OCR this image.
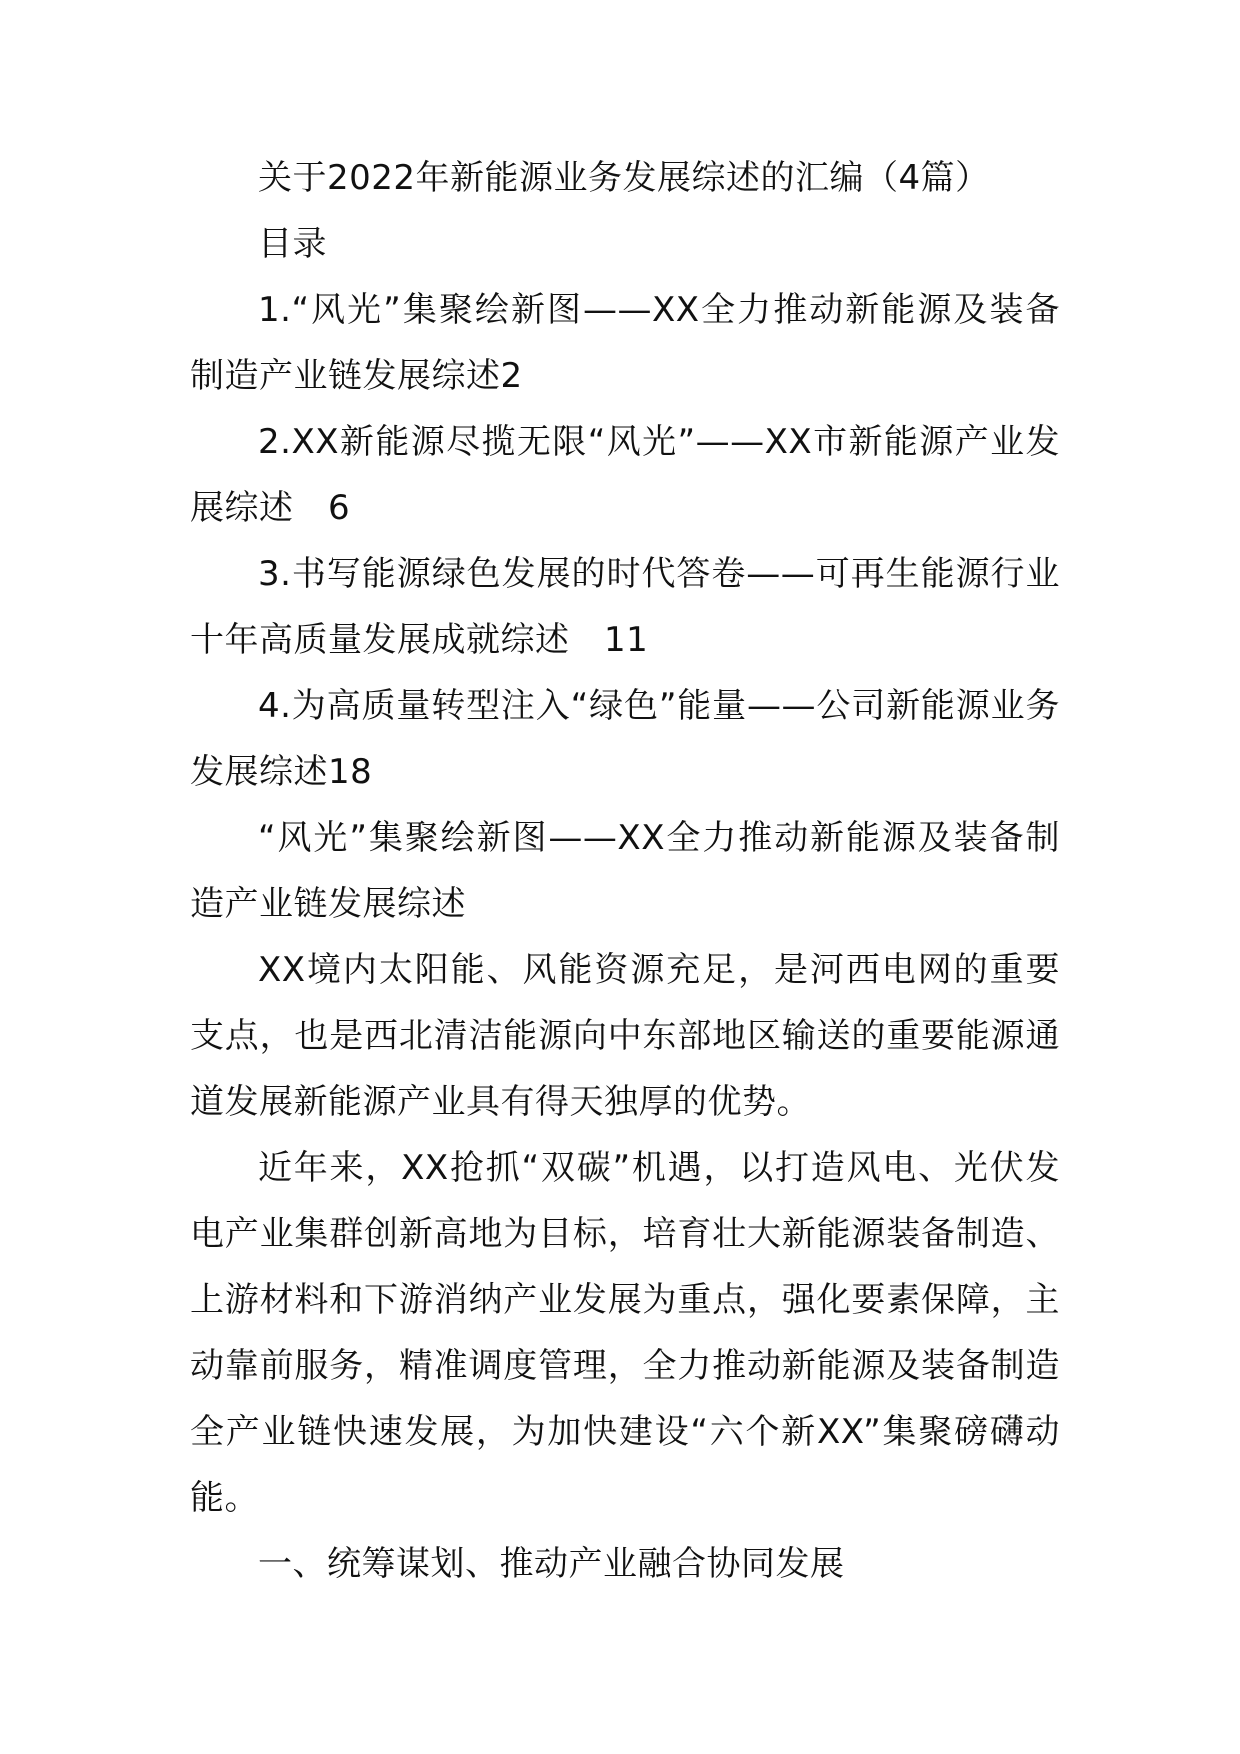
关于2022年新能源业务发展综述的汇编（4篇）

目录

1.“风光”集聚绘新图——XX全力推动新能源及装备制造产业链发展综述2

2.XX新能源尽揽无限“风光”——XX市新能源产业发展综述　6

3.书写能源绿色发展的时代答卷——可再生能源行业十年高质量发展成就综述　11

4.为高质量转型注入“绿色”能量——公司新能源业务发展综述18

“风光”集聚绘新图——XX全力推动新能源及装备制造产业链发展综述

XX境内太阳能、风能资源充足，是河西电网的重要支点，也是西北清洁能源向中东部地区输送的重要能源通道发展新能源产业具有得天独厚的优势。

近年来，XX抢抓“双碳”机遇，以打造风电、光伏发电产业集群创新高地为目标，培育壮大新能源装备制造、上游材料和下游消纳产业发展为重点，强化要素保障，主动靠前服务，精准调度管理，全力推动新能源及装备制造全产业链快速发展，为加快建设“六个新XX”集聚磅礴动能。

一、统筹谋划、推动产业融合协同发展
